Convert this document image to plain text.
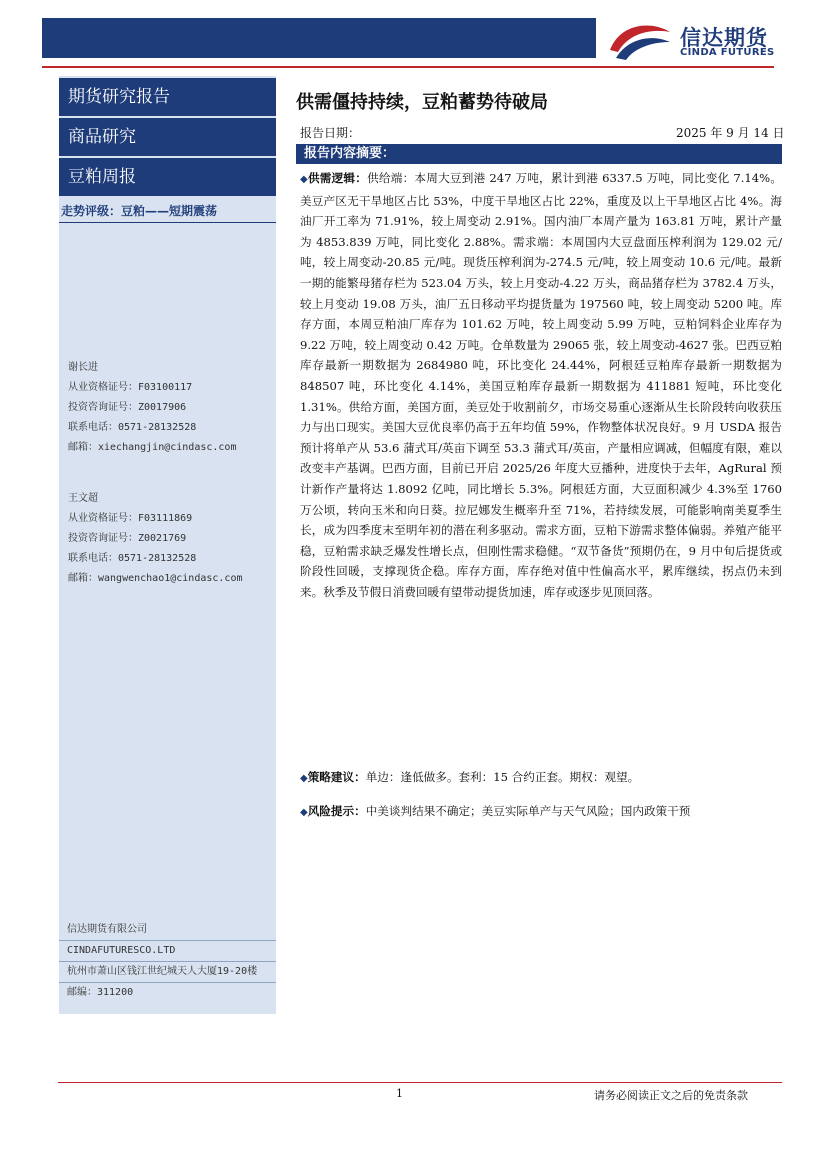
信达期货
CINDA FUTURES
期货研究报告
商品研究
豆粕周报
走势评级：豆粕——短期震荡
谢长进
从业资格证号：F03100117
投资咨询证号：Z0017906
联系电话：0571-28132528
邮箱：xiechangjin@cindasc.com
王文超
从业资格证号：F03111869
投资咨询证号：Z0021769
联系电话：0571-28132528
邮箱：wangwenchao1@cindasc.com
信达期货有限公司
CINDAFUTURESCO.LTD
杭州市萧山区钱江世纪城天人大厦19-20楼
邮编：311200
供需僵持持续，豆粕蓄势待破局
报告日期：	2025 年 9 月 14 日
报告内容摘要：
◆供需逻辑：供给端：本周大豆到港 247 万吨，累计到港 6337.5 万吨，同比变化 7.14%。美豆产区无干旱地区占比 53%，中度干旱地区占比 22%，重度及以上干旱地区占比 4%。海油厂开工率为 71.91%，较上周变动 2.91%。国内油厂本周产量为 163.81 万吨，累计产量为 4853.839 万吨，同比变化 2.88%。需求端：本周国内大豆盘面压榨利润为 129.02 元/吨，较上周变动-20.85 元/吨。现货压榨利润为-274.5 元/吨，较上周变动 10.6 元/吨。最新一期的能繁母猪存栏为 523.04 万头，较上月变动-4.22 万头，商品猪存栏为 3782.4 万头，较上月变动 19.08 万头，油厂五日移动平均提货量为 197560 吨，较上周变动 5200 吨。库存方面，本周豆粕油厂库存为 101.62 万吨，较上周变动 5.99 万吨，豆粕饲料企业库存为 9.22 万吨，较上周变动 0.42 万吨。仓单数量为 29065 张，较上周变动-4627 张。巴西豆粕库存最新一期数据为 2684980 吨，环比变化 24.44%，阿根廷豆粕库存最新一期数据为 848507 吨，环比变化 4.14%，美国豆粕库存最新一期数据为 411881 短吨，环比变化 1.31%。供给方面，美国方面，美豆处于收割前夕，市场交易重心逐渐从生长阶段转向收获压力与出口现实。美国大豆优良率仍高于五年均值 59%，作物整体状况良好。9 月 USDA 报告预计将单产从 53.6 蒲式耳/英亩下调至 53.3 蒲式耳/英亩，产量相应调减，但幅度有限，难以改变丰产基调。巴西方面，目前已开启 2025/26 年度大豆播种，进度快于去年，AgRural 预计新作产量将达 1.8092 亿吨，同比增长 5.3%。阿根廷方面，大豆面积减少 4.3%至 1760 万公顷，转向玉米和向日葵。拉尼娜发生概率升至 71%，若持续发展，可能影响南美夏季生长，成为四季度末至明年初的潜在利多驱动。需求方面，豆粕下游需求整体偏弱。养殖产能平稳，豆粕需求缺乏爆发性增长点，但刚性需求稳健。“双节备货”预期仍在，9 月中旬后提货或阶段性回暖，支撑现货企稳。库存方面，库存绝对值中性偏高水平，累库继续，拐点仍未到来。秋季及节假日消费回暖有望带动提货加速，库存或逐步见顶回落。
◆策略建议：单边：逢低做多。套利：15 合约正套。期权：观望。
◆风险提示：中美谈判结果不确定；美豆实际单产与天气风险；国内政策干预
1	请务必阅读正文之后的免责条款
